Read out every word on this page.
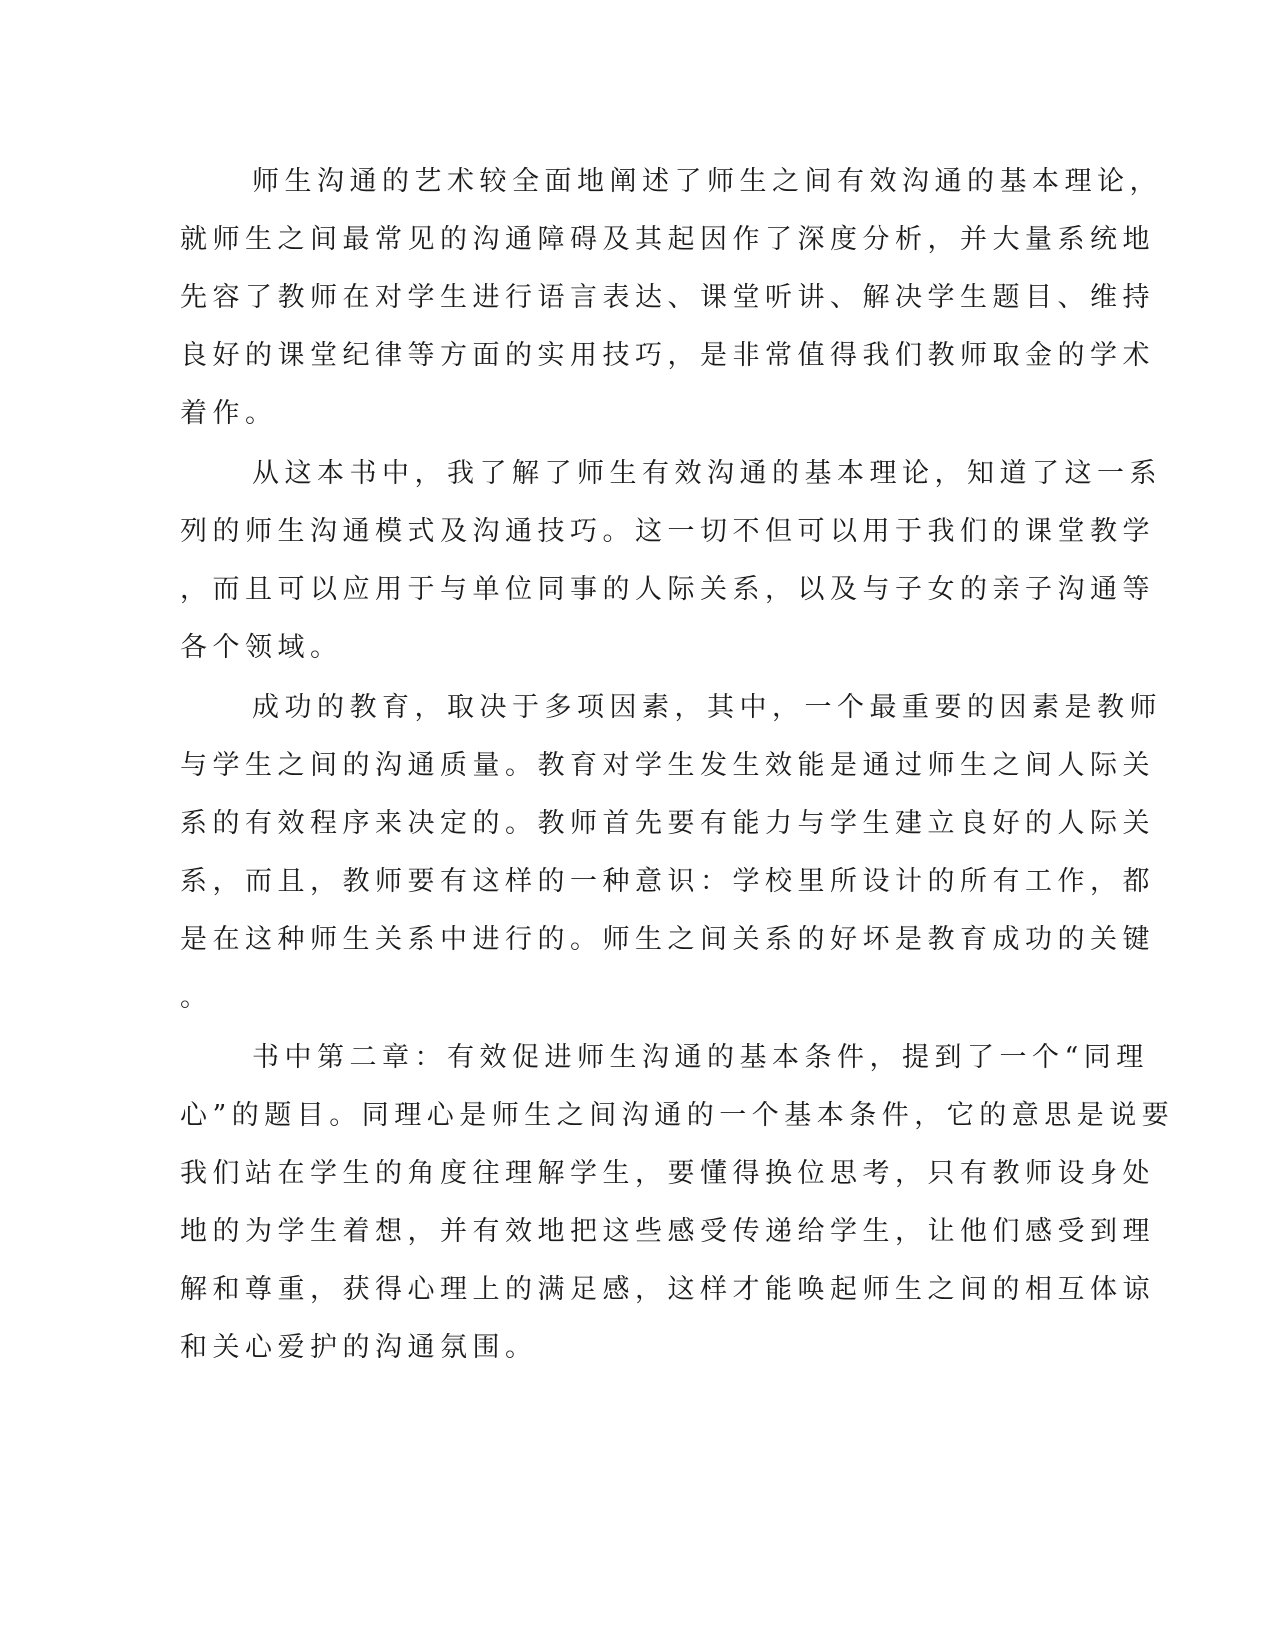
师生沟通的艺术较全面地阐述了师生之间有效沟通的基本理论，
就师生之间最常见的沟通障碍及其起因作了深度分析，并大量系统地
先容了教师在对学生进行语言表达、课堂听讲、解决学生题目、维持
良好的课堂纪律等方面的实用技巧，是非常值得我们教师取金的学术
着作。
从这本书中，我了解了师生有效沟通的基本理论，知道了这一系
列的师生沟通模式及沟通技巧。这一切不但可以用于我们的课堂教学
，而且可以应用于与单位同事的人际关系，以及与子女的亲子沟通等
各个领域。
成功的教育，取决于多项因素，其中，一个最重要的因素是教师
与学生之间的沟通质量。教育对学生发生效能是通过师生之间人际关
系的有效程序来决定的。教师首先要有能力与学生建立良好的人际关
系，而且，教师要有这样的一种意识：学校里所设计的所有工作，都
是在这种师生关系中进行的。师生之间关系的好坏是教育成功的关键
。
书中第二章：有效促进师生沟通的基本条件，提到了一个“同理
心”的题目。同理心是师生之间沟通的一个基本条件，它的意思是说要
我们站在学生的角度往理解学生，要懂得换位思考，只有教师设身处
地的为学生着想，并有效地把这些感受传递给学生，让他们感受到理
解和尊重，获得心理上的满足感，这样才能唤起师生之间的相互体谅
和关心爱护的沟通氛围。
